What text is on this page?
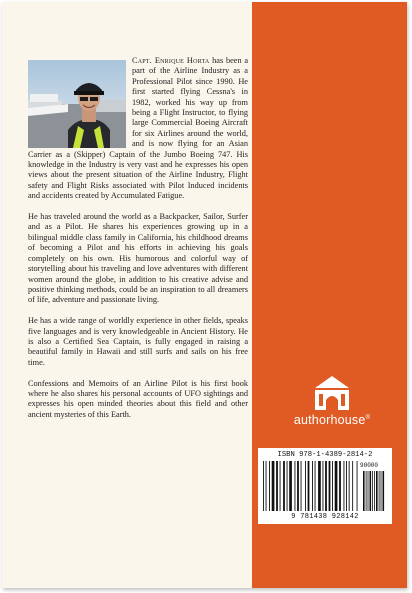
Capt. Enrique Horta has been a part of the Airline Industry as a Professional Pilot since 1990. He first started flying Cessna's in 1982, worked his way up from being a Flight Instructor, to flying large Commercial Boeing Aircraft for six Airlines around the world, and is now flying for an Asian Carrier as a (Skipper) Captain of the Jumbo Boeing 747. His knowledge in the Industry is very vast and he expresses his open views about the present situation of the Airline Industry, Flight safety and Flight Risks associated with Pilot Induced incidents and accidents created by Accumulated Fatigue.

He has traveled around the world as a Backpacker, Sailor, Surfer and as a Pilot. He shares his experiences growing up in a bilingual middle class family in California, his childhood dreams of becoming a Pilot and his efforts in achieving his goals completely on his own. His humorous and colorful way of storytelling about his traveling and love adventures with different women around the globe, in addition to his creative advise and positive thinking methods, could be an inspiration to all dreamers of life, adventure and passionate living.

He has a wide range of worldly experience in other fields, speaks five languages and is very knowledgeable in Ancient History. He is also a Certified Sea Captain, is fully engaged in raising a beautiful family in Hawaii and still surfs and sails on his free time.

Confessions and Memoirs of an Airline Pilot is his first book where he also shares his personal accounts of UFO sightings and expresses his open minded theories about this field and other ancient mysteries of this Earth.	authorhouse®
ISBN 978-1-4389-2814-2
90000
9 781438 928142
